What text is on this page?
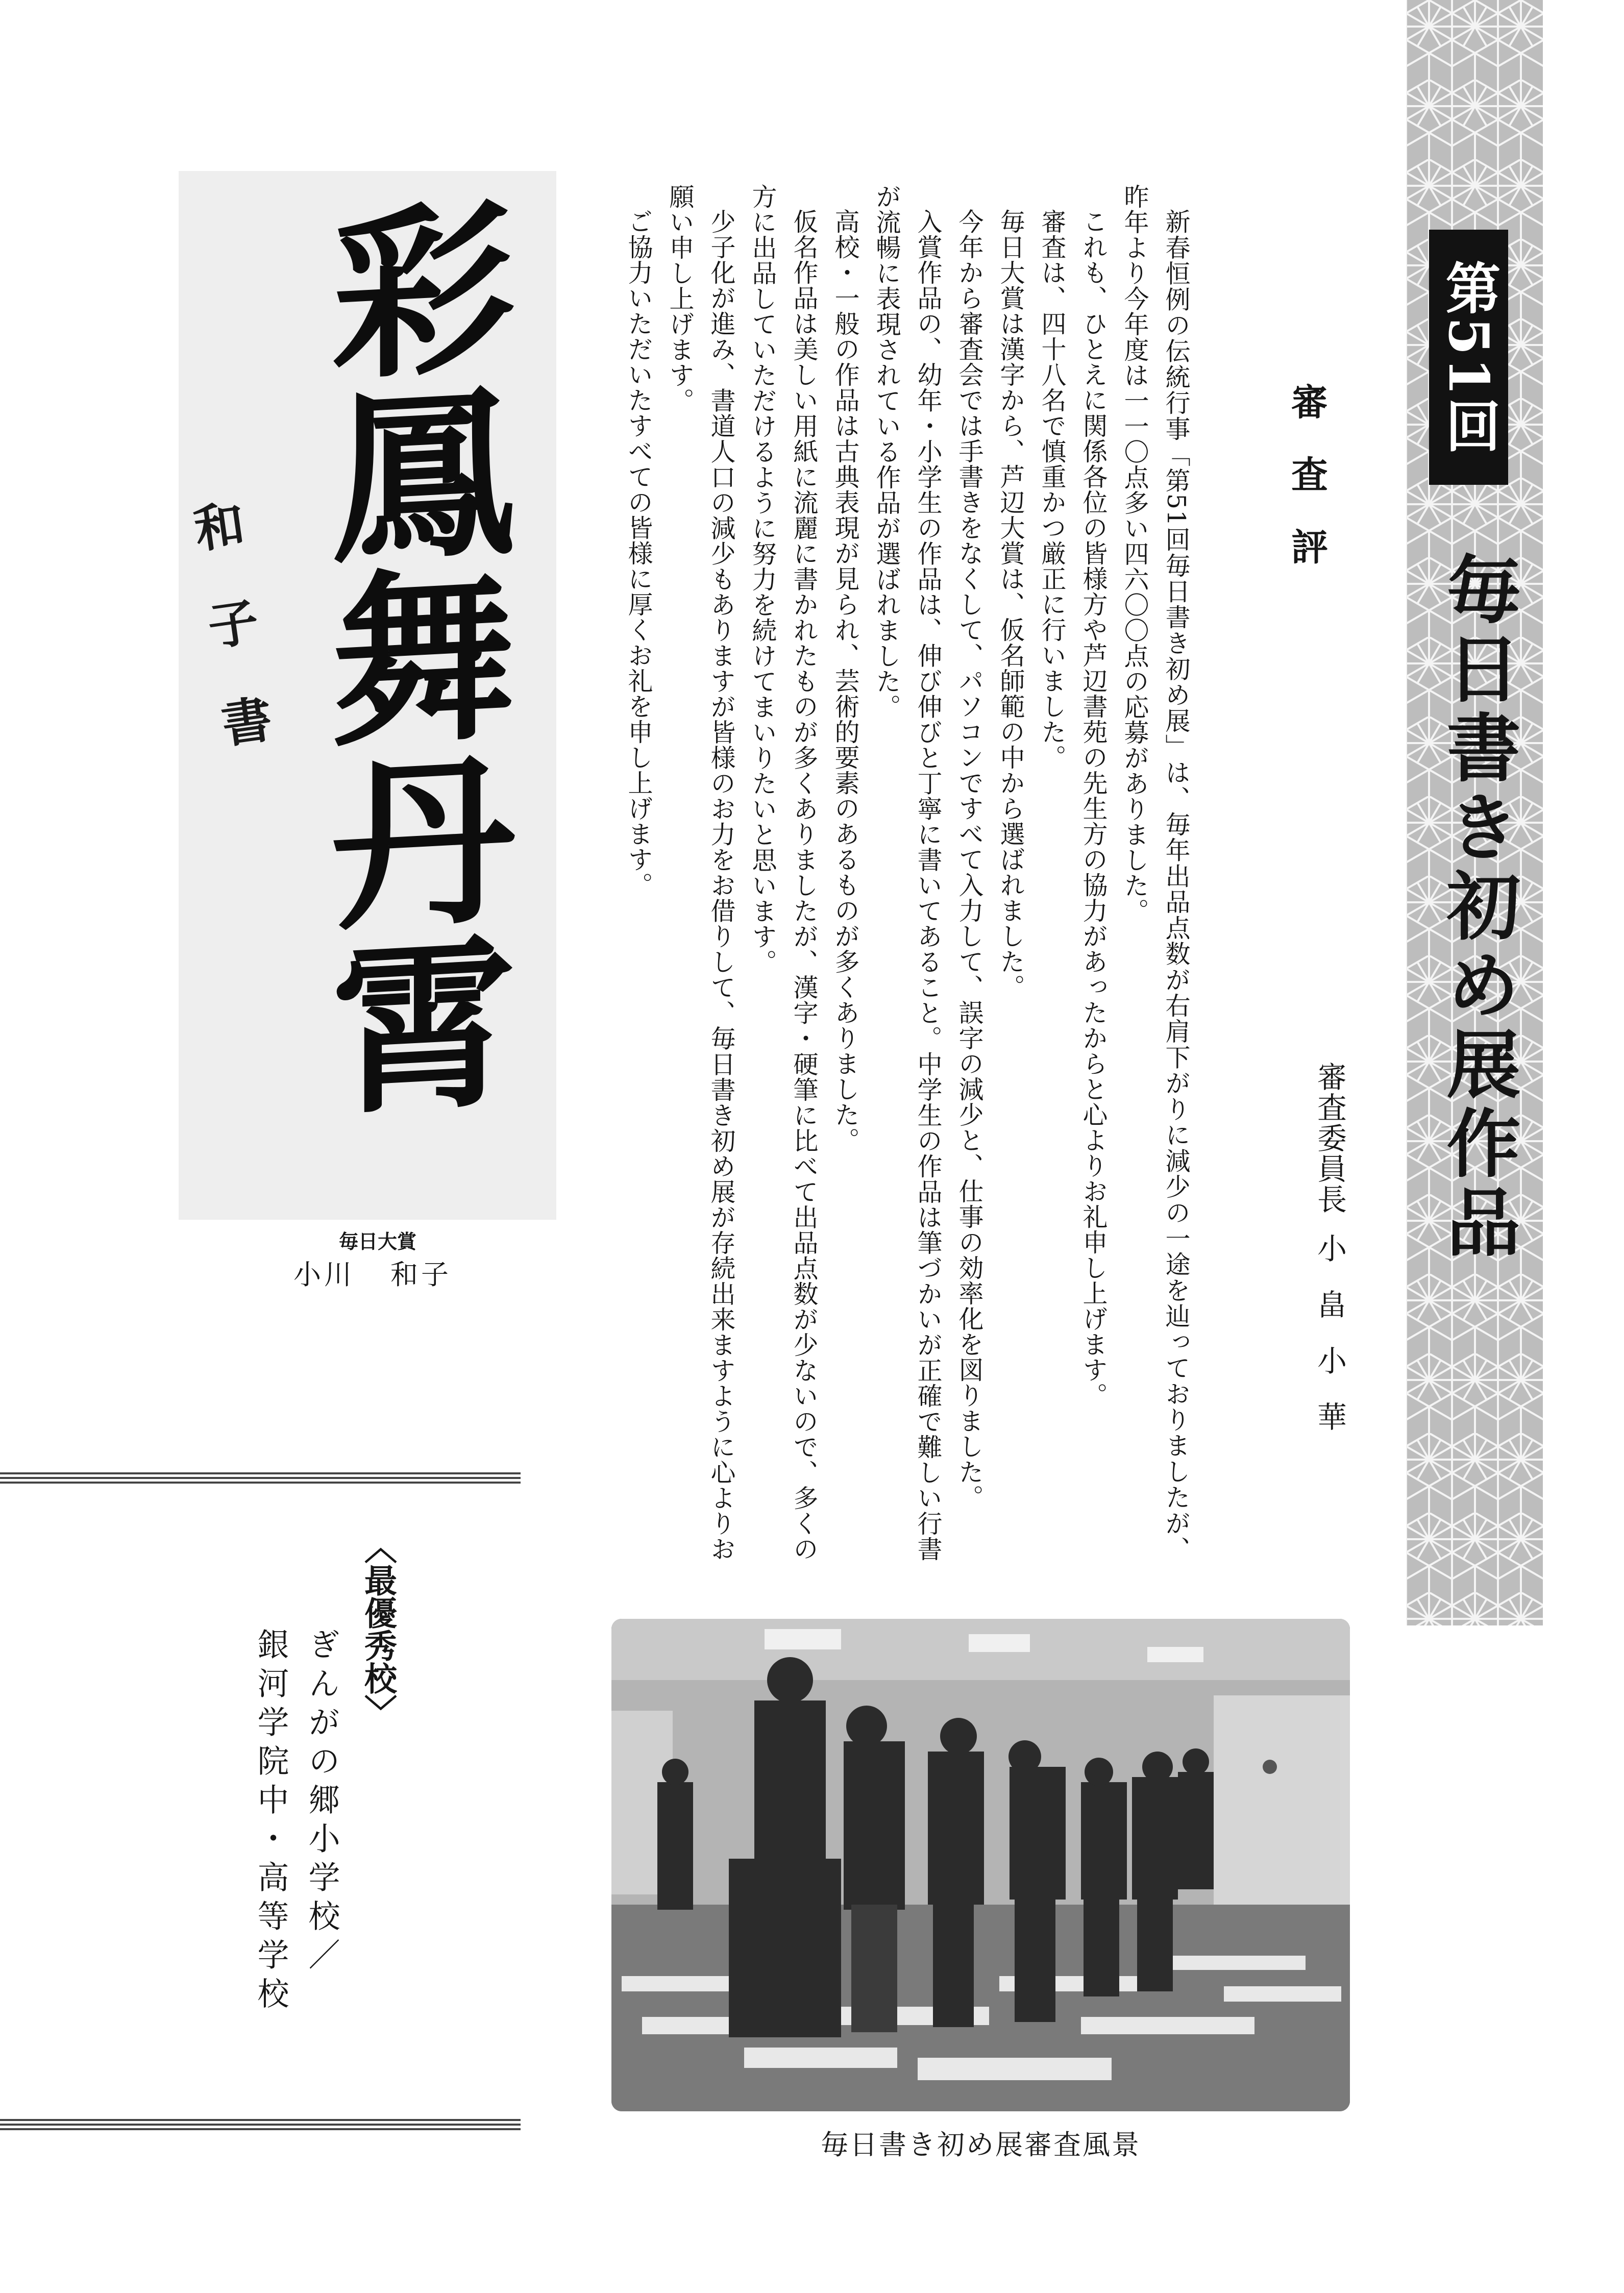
第51回
毎日書き初め展作品
審査評
審査委員長小畠小華

新春恒例の伝統行事「第51回毎日書き初め展」は、毎年出品点数が右肩下がりに減少の一途を辿っておりましたが、昨年より今年度は一一〇点多い四六〇〇点の応募がありました。

これも、ひとえに関係各位の皆様方や芦辺書苑の先生方の協力があったからと心よりお礼申し上げます。

審査は、四十八名で慎重かつ厳正に行いました。

毎日大賞は漢字から、芦辺大賞は、仮名師範の中から選ばれました。

今年から審査会では手書きをなくして、パソコンですべて入力して、誤字の減少と、仕事の効率化を図りました。

入賞作品の、幼年・小学生の作品は、伸び伸びと丁寧に書いてあること。中学生の作品は筆づかいが正確で難しい行書が流暢に表現されている作品が選ばれました。

高校・一般の作品は古典表現が見られ、芸術的要素のあるものが多くありました。

仮名作品は美しい用紙に流麗に書かれたものが多くありましたが、漢字・硬筆に比べて出品点数が少ないので、多くの方に出品していただけるように努力を続けてまいりたいと思います。

少子化が進み、書道人口の減少もありますが皆様のお力をお借りして、毎日書き初め展が存続出来ますように心よりお願い申し上げます。

ご協力いただいたすべての皆様に厚くお礼を申し上げます。

彩鳳舞丹霄
和子書
毎日大賞
小川 和子
〈最優秀校〉
ぎんがの郷小学校／
銀河学院中・高等学校
毎日書き初め展審査風景
